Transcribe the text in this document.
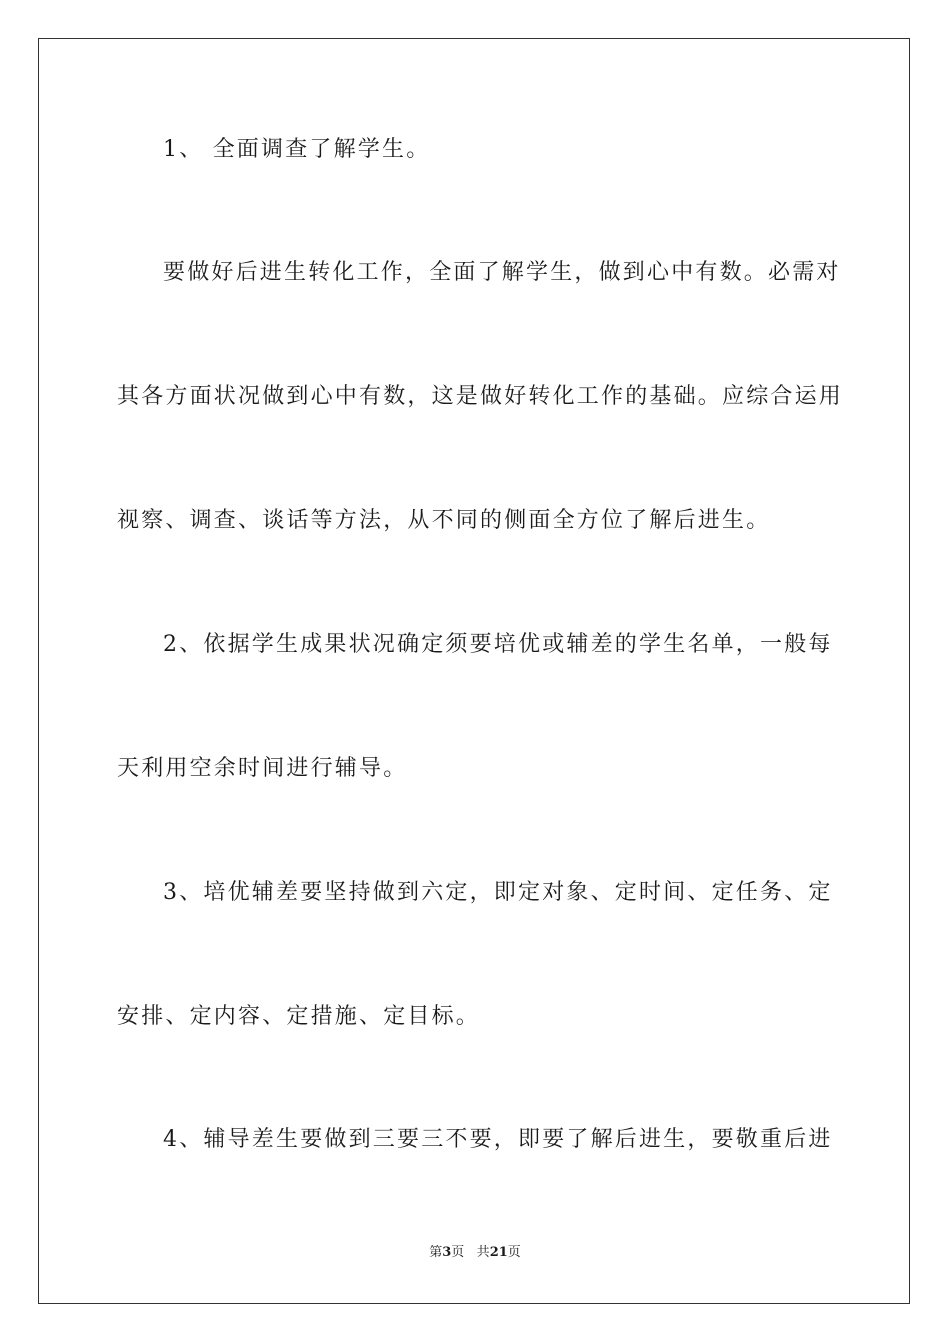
1、 全面调查了解学生。
要做好后进生转化工作，全面了解学生，做到心中有数。必需对
其各方面状况做到心中有数，这是做好转化工作的基础。应综合运用
视察、调查、谈话等方法，从不同的侧面全方位了解后进生。
2、依据学生成果状况确定须要培优或辅差的学生名单，一般每
天利用空余时间进行辅导。
3、培优辅差要坚持做到六定，即定对象、定时间、定任务、定
安排、定内容、定措施、定目标。
4、辅导差生要做到三要三不要，即要了解后进生，要敬重后进
第3页 共21页
